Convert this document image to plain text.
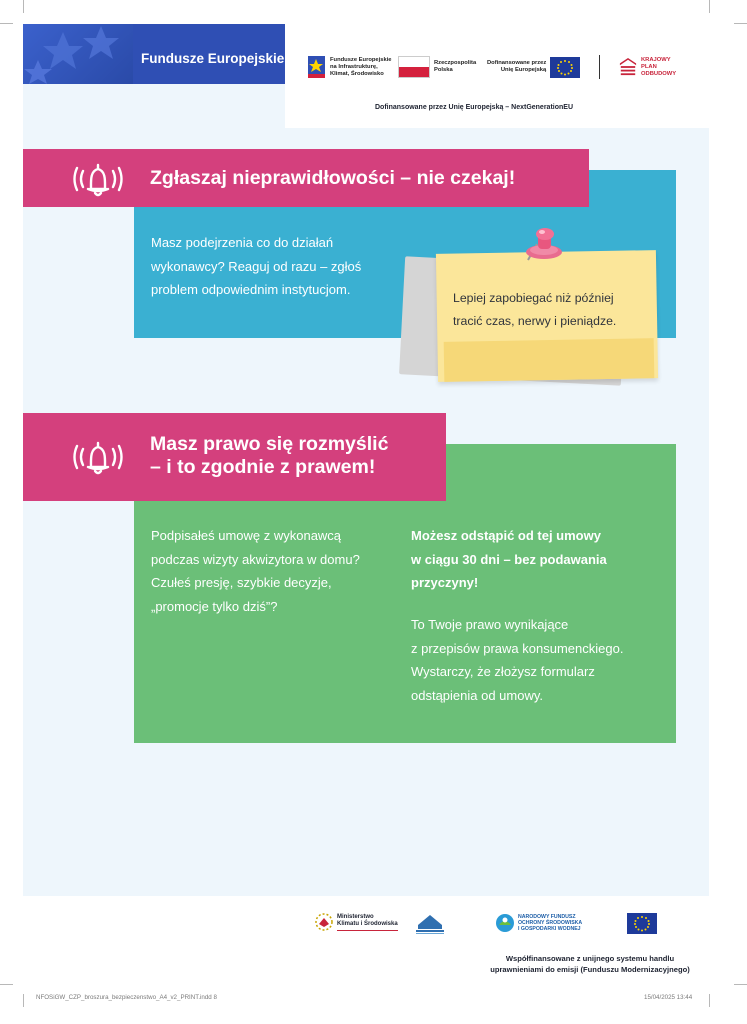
Fundusze Europejskie	Fundusze Europejskie
na Infrastrukturę,
Klimat, Środowisko
Rzeczpospolita
Polska
Dofinansowane przez
Unię Europejską
KRAJOWY
PLAN
ODBUDOWY
Dofinansowane przez Unię Europejską – NextGenerationEU
Zgłaszaj nieprawidłowości – nie czekaj!
Masz podejrzenia co do działań
wykonawcy? Reaguj od razu – zgłoś
problem odpowiednim instytucjom.
Lepiej zapobiegać niż później
tracić czas, nerwy i pieniądze.
Masz prawo się rozmyślić
– i to zgodnie z prawem!
Podpisałeś umowę z wykonawcą
podczas wizyty akwizytora w domu?
Czułeś presję, szybkie decyzje,
„promocje tylko dziś”?
Możesz odstąpić od tej umowy
w ciągu 30 dni – bez podawania
przyczyny!
To Twoje prawo wynikające
z przepisów prawa konsumenckiego.
Wystarczy, że złożysz formularz
odstąpienia od umowy.
Ministerstwo
Klimatu i Środowiska
NARODOWY FUNDUSZ
OCHRONY ŚRODOWISKA
I GOSPODARKI WODNEJ
Współfinansowane z unijnego systemu handlu
uprawnieniami do emisji (Funduszu Modernizacyjnego)
NFOSiGW_CZP_broszura_bezpieczenstwo_A4_v2_PRINT.indd 8	15/04/2025 13:44
